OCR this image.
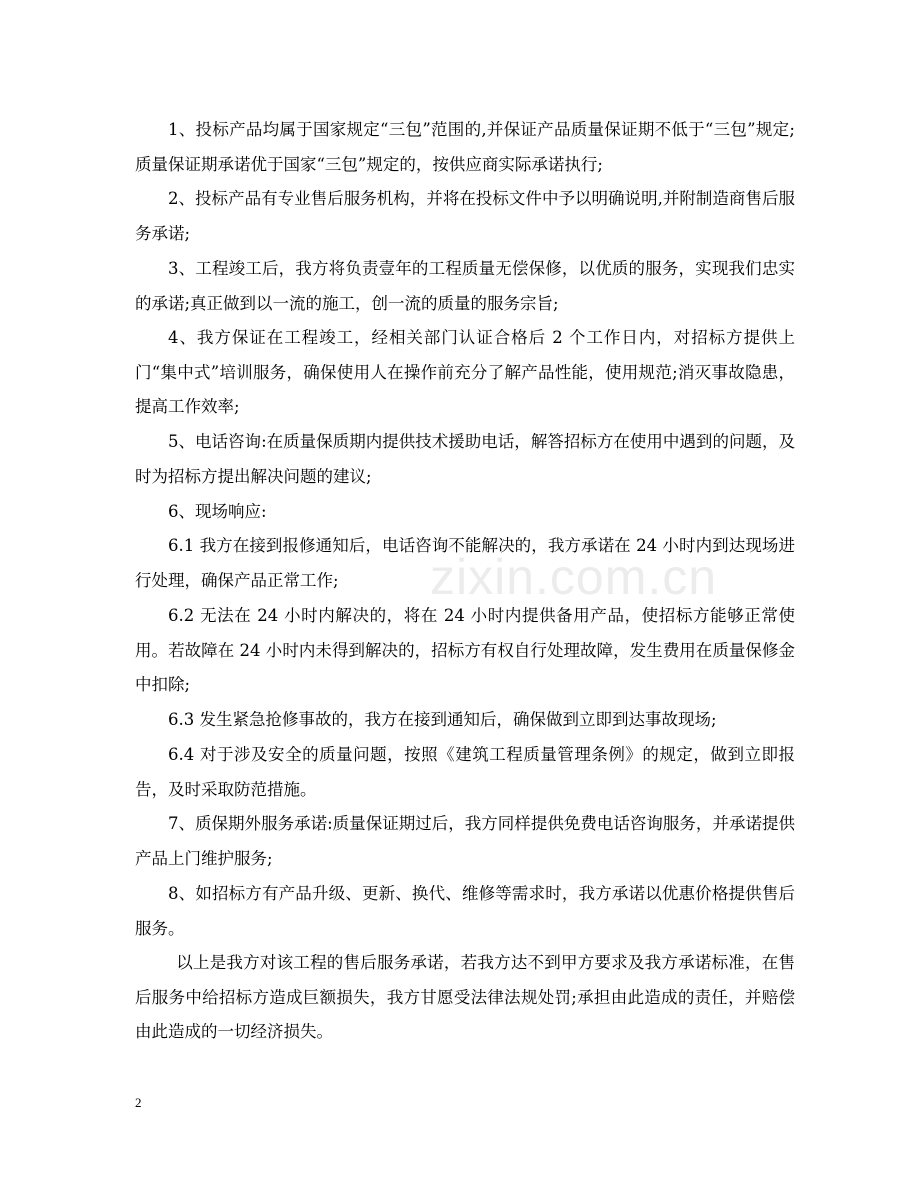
zixin.com.cn

1、投标产品均属于国家规定“三包”范围的,并保证产品质量保证期不低于“三包”规定;质量保证期承诺优于国家“三包”规定的，按供应商实际承诺执行;

2、投标产品有专业售后服务机构，并将在投标文件中予以明确说明,并附制造商售后服务承诺;

3、工程竣工后，我方将负责壹年的工程质量无偿保修，以优质的服务，实现我们忠实的承诺;真正做到以一流的施工，创一流的质量的服务宗旨;

4、我方保证在工程竣工，经相关部门认证合格后 2 个工作日内，对招标方提供上门“集中式”培训服务，确保使用人在操作前充分了解产品性能，使用规范;消灭事故隐患，提高工作效率;

5、电话咨询:在质量保质期内提供技术援助电话，解答招标方在使用中遇到的问题，及时为招标方提出解决问题的建议;

6、现场响应:

6.1 我方在接到报修通知后，电话咨询不能解决的，我方承诺在 24 小时内到达现场进行处理，确保产品正常工作;

6.2 无法在 24 小时内解决的，将在 24 小时内提供备用产品，使招标方能够正常使用。若故障在 24 小时内未得到解决的，招标方有权自行处理故障，发生费用在质量保修金中扣除;

6.3 发生紧急抢修事故的，我方在接到通知后，确保做到立即到达事故现场;

6.4 对于涉及安全的质量问题，按照《建筑工程质量管理条例》的规定，做到立即报告，及时采取防范措施。

7、质保期外服务承诺:质量保证期过后，我方同样提供免费电话咨询服务，并承诺提供产品上门维护服务;

8、如招标方有产品升级、更新、换代、维修等需求时，我方承诺以优惠价格提供售后服务。

以上是我方对该工程的售后服务承诺，若我方达不到甲方要求及我方承诺标准，在售后服务中给招标方造成巨额损失，我方甘愿受法律法规处罚;承担由此造成的责任，并赔偿由此造成的一切经济损失。

2
